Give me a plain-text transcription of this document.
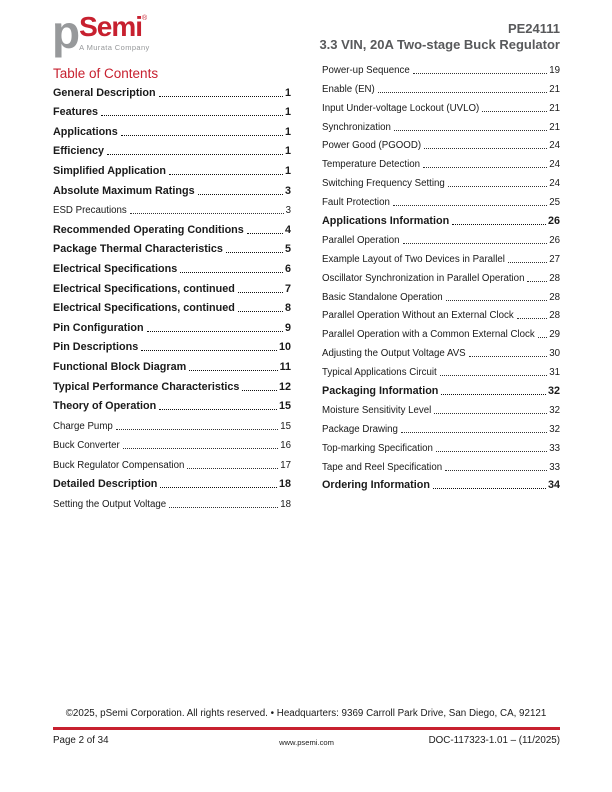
p Semi ®
A Murata Company
PE24111
3.3 VIN, 20A Two-stage Buck Regulator
Table of Contents
General Description	1
Features	1
Applications	1
Efficiency	1
Simplified Application	1
Absolute Maximum Ratings	3
ESD Precautions	3
Recommended Operating Conditions	4
Package Thermal Characteristics	5
Electrical Specifications	6
Electrical Specifications, continued	7
Electrical Specifications, continued	8
Pin Configuration	9
Pin Descriptions	10
Functional Block Diagram	11
Typical Performance Characteristics	12
Theory of Operation	15
Charge Pump	15
Buck Converter	16
Buck Regulator Compensation	17
Detailed Description	18
Setting the Output Voltage	18
Power-up Sequence	19
Enable (EN)	21
Input Under-voltage Lockout (UVLO)	21
Synchronization	21
Power Good (PGOOD)	24
Temperature Detection	24
Switching Frequency Setting	24
Fault Protection	25
Applications Information	26
Parallel Operation	26
Example Layout of Two Devices in Parallel	27
Oscillator Synchronization in Parallel Operation	28
Basic Standalone Operation	28
Parallel Operation Without an External Clock	28
Parallel Operation with a Common External Clock 29
Adjusting the Output Voltage AVS	30
Typical Applications Circuit	31
Packaging Information	32
Moisture Sensitivity Level	32
Package Drawing	32
Top-marking Specification	33
Tape and Reel Specification	33
Ordering Information	34
©2025, pSemi Corporation. All rights reserved. • Headquarters: 9369 Carroll Park Drive, San Diego, CA, 92121
Page 2 of 34	www.psemi.com	DOC-117323-1.01 – (11/2025)
